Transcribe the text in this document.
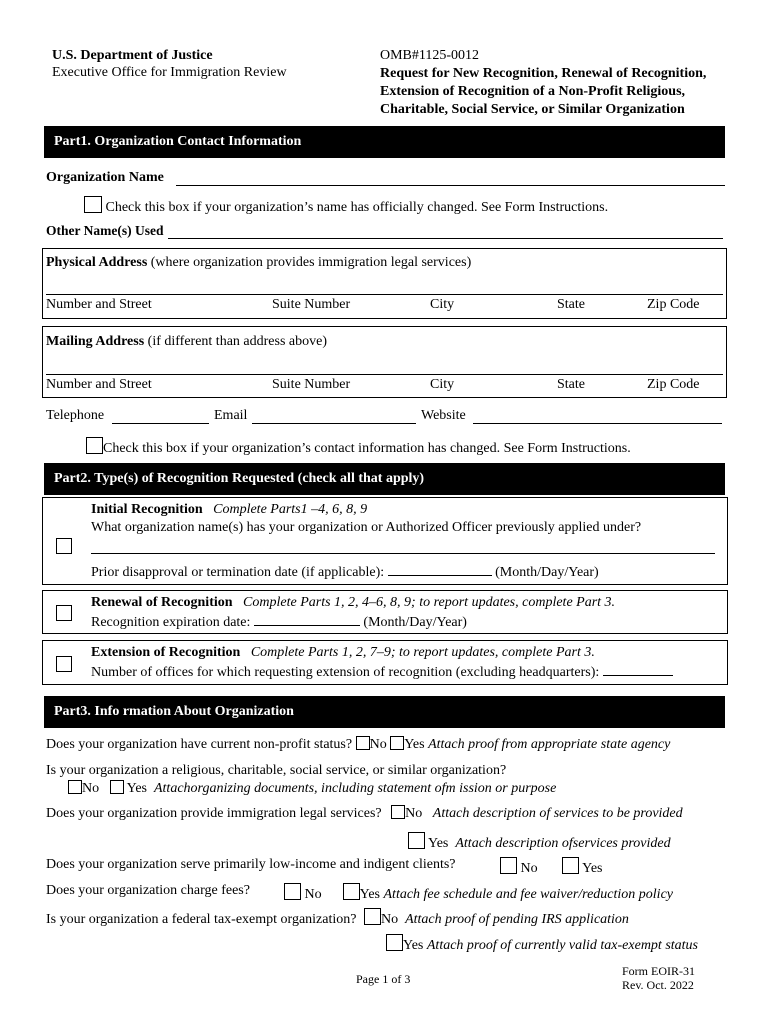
U.S. Department of Justice
Executive Office for Immigration Review
OMB#1125-0012
Request for New Recognition, Renewal of Recognition,
Extension of Recognition of a Non-Profit Religious,
Charitable, Social Service, or Similar Organization
Part1. Organization Contact Information
Organization Name
Check this box if your organization’s name has officially changed. See Form Instructions.
Other Name(s) Used
Physical Address (where organization provides immigration legal services)
Number and Street	Suite Number	City	State	Zip Code
Mailing Address (if different than address above)
Number and Street	Suite Number	City	State	Zip Code
Telephone	Email	Website
Check this box if your organization’s contact information has changed. See Form Instructions.
Part2. Type(s) of Recognition Requested (check all that apply)
Initial Recognition Complete Parts1 –4, 6, 8, 9
What organization name(s) has your organization or Authorized Officer previously applied under?
Prior disapproval or termination date (if applicable):	(Month/Day/Year)
Renewal of Recognition Complete Parts 1, 2, 4–6, 8, 9; to report updates, complete Part 3.
Recognition expiration date:	(Month/Day/Year)
Extension of Recognition Complete Parts 1, 2, 7–9; to report updates, complete Part 3.
Number of offices for which requesting extension of recognition (excluding headquarters):
Part3. Info rmation About Organization
Does your organization have current non-profit status? No Yes Attach proof from appropriate state agency
Is your organization a religious, charitable, social service, or similar organization?
No Yes Attachorganizing documents, including statement ofm ission or purpose
Does your organization provide immigration legal services? No Attach description of services to be provided
Yes Attach description ofservices provided
Does your organization serve primarily low-income and indigent clients?	No	Yes
Does your organization charge fees?	No	Yes Attach fee schedule and fee waiver/reduction policy
Is your organization a federal tax-exempt organization? No Attach proof of pending IRS application
Yes Attach proof of currently valid tax-exempt status
Page 1 of 3
Form EOIR-31
Rev. Oct. 2022
